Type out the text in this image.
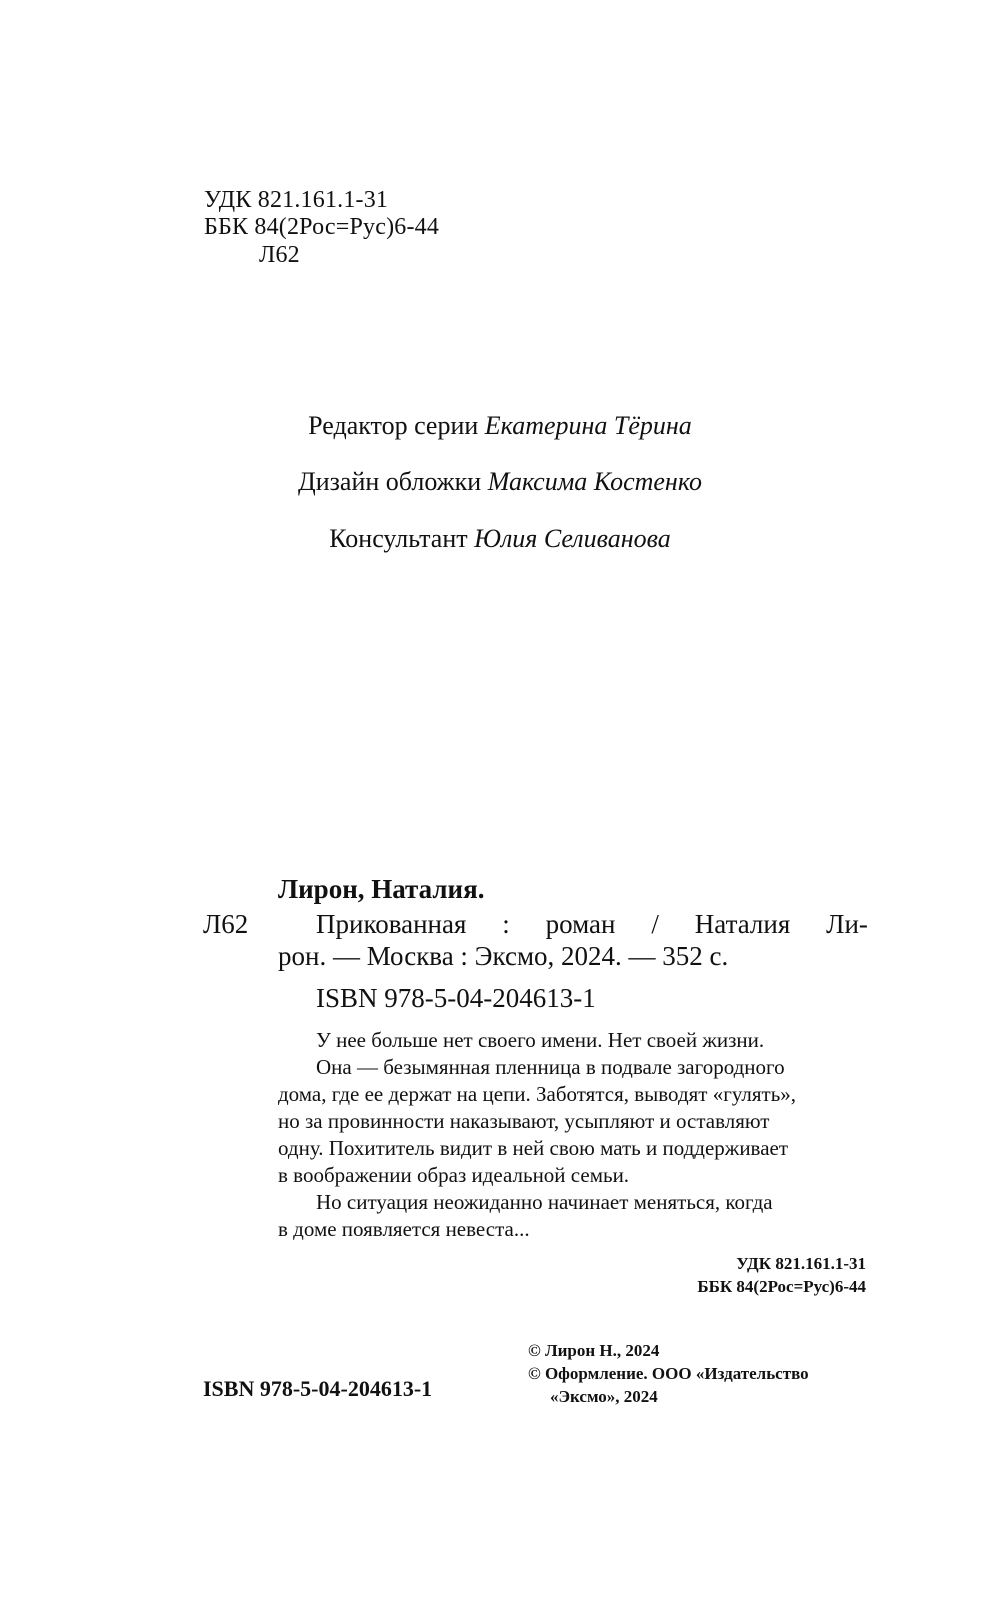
УДК 821.161.1-31
ББК 84(2Рос=Рус)6-44
Л62
Редактор серии Екатерина Тёрина
Дизайн обложки Максима Костенко
Консультант Юлия Селиванова
Лирон, Наталия.
Л62	Прикованная : роман / Наталия Ли-
рон. — Москва : Эксмо, 2024. — 352 с.
ISBN 978-5-04-204613-1
У нее больше нет своего имени. Нет своей жизни.
Она — безымянная пленница в подвале загородного
дома, где ее держат на цепи. Заботятся, выводят «гулять»,
но за провинности наказывают, усыпляют и оставляют
одну. Похититель видит в ней свою мать и поддерживает
в воображении образ идеальной семьи.
Но ситуация неожиданно начинает меняться, когда
в доме появляется невеста...
УДК 821.161.1-31
ББК 84(2Рос=Рус)6-44
© Лирон Н., 2024
© Оформление. ООО «Издательство
«Эксмо», 2024
ISBN 978-5-04-204613-1
